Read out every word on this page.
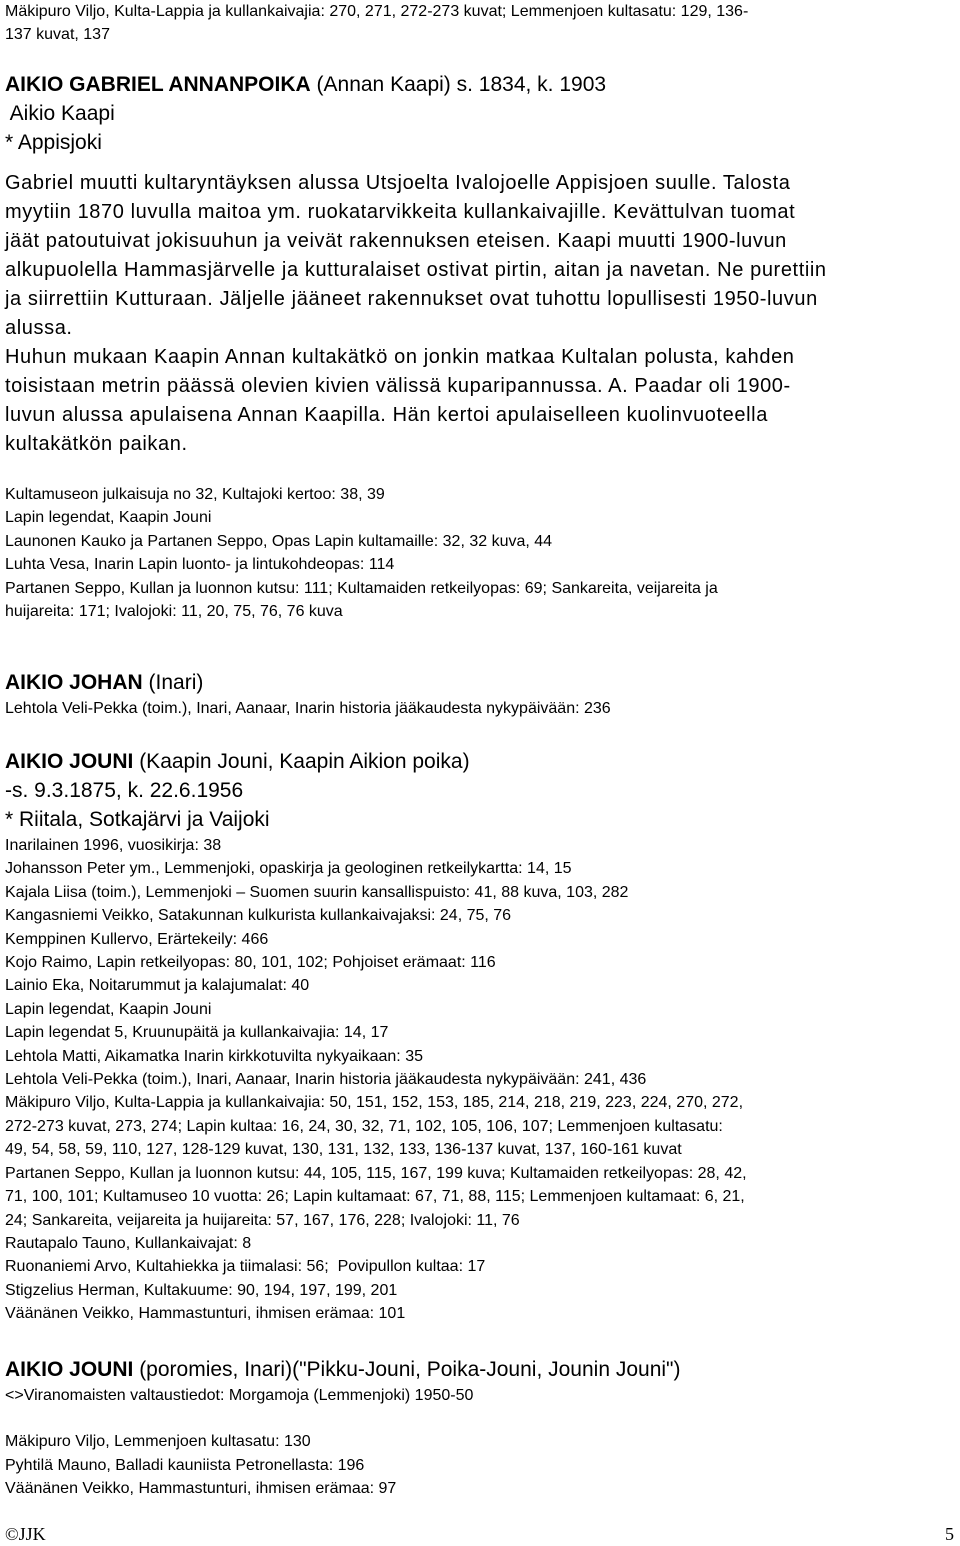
Mäkipuro Viljo, Kulta-Lappia ja kullankaivajia: 270, 271, 272-273 kuvat; Lemmenjoen kultasatu: 129, 136-
137 kuvat, 137
AIKIO GABRIEL ANNANPOIKA (Annan Kaapi) s. 1834, k. 1903
Aikio Kaapi
* Appisjoki
Gabriel muutti kultaryntäyksen alussa Utsjoelta Ivalojoelle Appisjoen suulle. Talosta
myytiin 1870 luvulla maitoa ym. ruokatarvikkeita kullankaivajille. Kevättulvan tuomat
jäät patoutuivat jokisuuhun ja veivät rakennuksen eteisen. Kaapi muutti 1900-luvun
alkupuolella Hammasjärvelle ja kutturalaiset ostivat pirtin, aitan ja navetan. Ne purettiin
ja siirrettiin Kutturaan. Jäljelle jääneet rakennukset ovat tuhottu lopullisesti 1950-luvun
alussa.
Huhun mukaan Kaapin Annan kultakätkö on jonkin matkaa Kultalan polusta, kahden
toisistaan metrin päässä olevien kivien välissä kuparipannussa. A. Paadar oli 1900-
luvun alussa apulaisena Annan Kaapilla. Hän kertoi apulaiselleen kuolinvuoteella
kultakätkön paikan.
Kultamuseon julkaisuja no 32, Kultajoki kertoo: 38, 39
Lapin legendat, Kaapin Jouni
Launonen Kauko ja Partanen Seppo, Opas Lapin kultamaille: 32, 32 kuva, 44
Luhta Vesa, Inarin Lapin luonto- ja lintukohdeopas: 114
Partanen Seppo, Kullan ja luonnon kutsu: 111; Kultamaiden retkeilyopas: 69; Sankareita, veijareita ja
huijareita: 171; Ivalojoki: 11, 20, 75, 76, 76 kuva
AIKIO JOHAN (Inari)
Lehtola Veli-Pekka (toim.), Inari, Aanaar, Inarin historia jääkaudesta nykypäivään: 236
AIKIO JOUNI (Kaapin Jouni, Kaapin Aikion poika)
-s. 9.3.1875, k. 22.6.1956
* Riitala, Sotkajärvi ja Vaijoki
Inarilainen 1996, vuosikirja: 38
Johansson Peter ym., Lemmenjoki, opaskirja ja geologinen retkeilykartta: 14, 15
Kajala Liisa (toim.), Lemmenjoki – Suomen suurin kansallispuisto: 41, 88 kuva, 103, 282
Kangasniemi Veikko, Satakunnan kulkurista kullankaivajaksi: 24, 75, 76
Kemppinen Kullervo, Erärtekeily: 466
Kojo Raimo, Lapin retkeilyopas: 80, 101, 102; Pohjoiset erämaat: 116
Lainio Eka, Noitarummut ja kalajumalat: 40
Lapin legendat, Kaapin Jouni
Lapin legendat 5, Kruunupäitä ja kullankaivajia: 14, 17
Lehtola Matti, Aikamatka Inarin kirkkotuvilta nykyaikaan: 35
Lehtola Veli-Pekka (toim.), Inari, Aanaar, Inarin historia jääkaudesta nykypäivään: 241, 436
Mäkipuro Viljo, Kulta-Lappia ja kullankaivajia: 50, 151, 152, 153, 185, 214, 218, 219, 223, 224, 270, 272,
272-273 kuvat, 273, 274; Lapin kultaa: 16, 24, 30, 32, 71, 102, 105, 106, 107; Lemmenjoen kultasatu:
49, 54, 58, 59, 110, 127, 128-129 kuvat, 130, 131, 132, 133, 136-137 kuvat, 137, 160-161 kuvat
Partanen Seppo, Kullan ja luonnon kutsu: 44, 105, 115, 167, 199 kuva; Kultamaiden retkeilyopas: 28, 42,
71, 100, 101; Kultamuseo 10 vuotta: 26; Lapin kultamaat: 67, 71, 88, 115; Lemmenjoen kultamaat: 6, 21,
24; Sankareita, veijareita ja huijareita: 57, 167, 176, 228; Ivalojoki: 11, 76
Rautapalo Tauno, Kullankaivajat: 8
Ruonaniemi Arvo, Kultahiekka ja tiimalasi: 56;  Povipullon kultaa: 17
Stigzelius Herman, Kultakuume: 90, 194, 197, 199, 201
Väänänen Veikko, Hammastunturi, ihmisen erämaa: 101
AIKIO JOUNI (poromies, Inari)("Pikku-Jouni, Poika-Jouni, Jounin Jouni")
<>Viranomaisten valtaustiedot: Morgamoja (Lemmenjoki) 1950-50
Mäkipuro Viljo, Lemmenjoen kultasatu: 130
Pyhtilä Mauno, Balladi kauniista Petronellasta: 196
Väänänen Veikko, Hammastunturi, ihmisen erämaa: 97
©JJK	5
